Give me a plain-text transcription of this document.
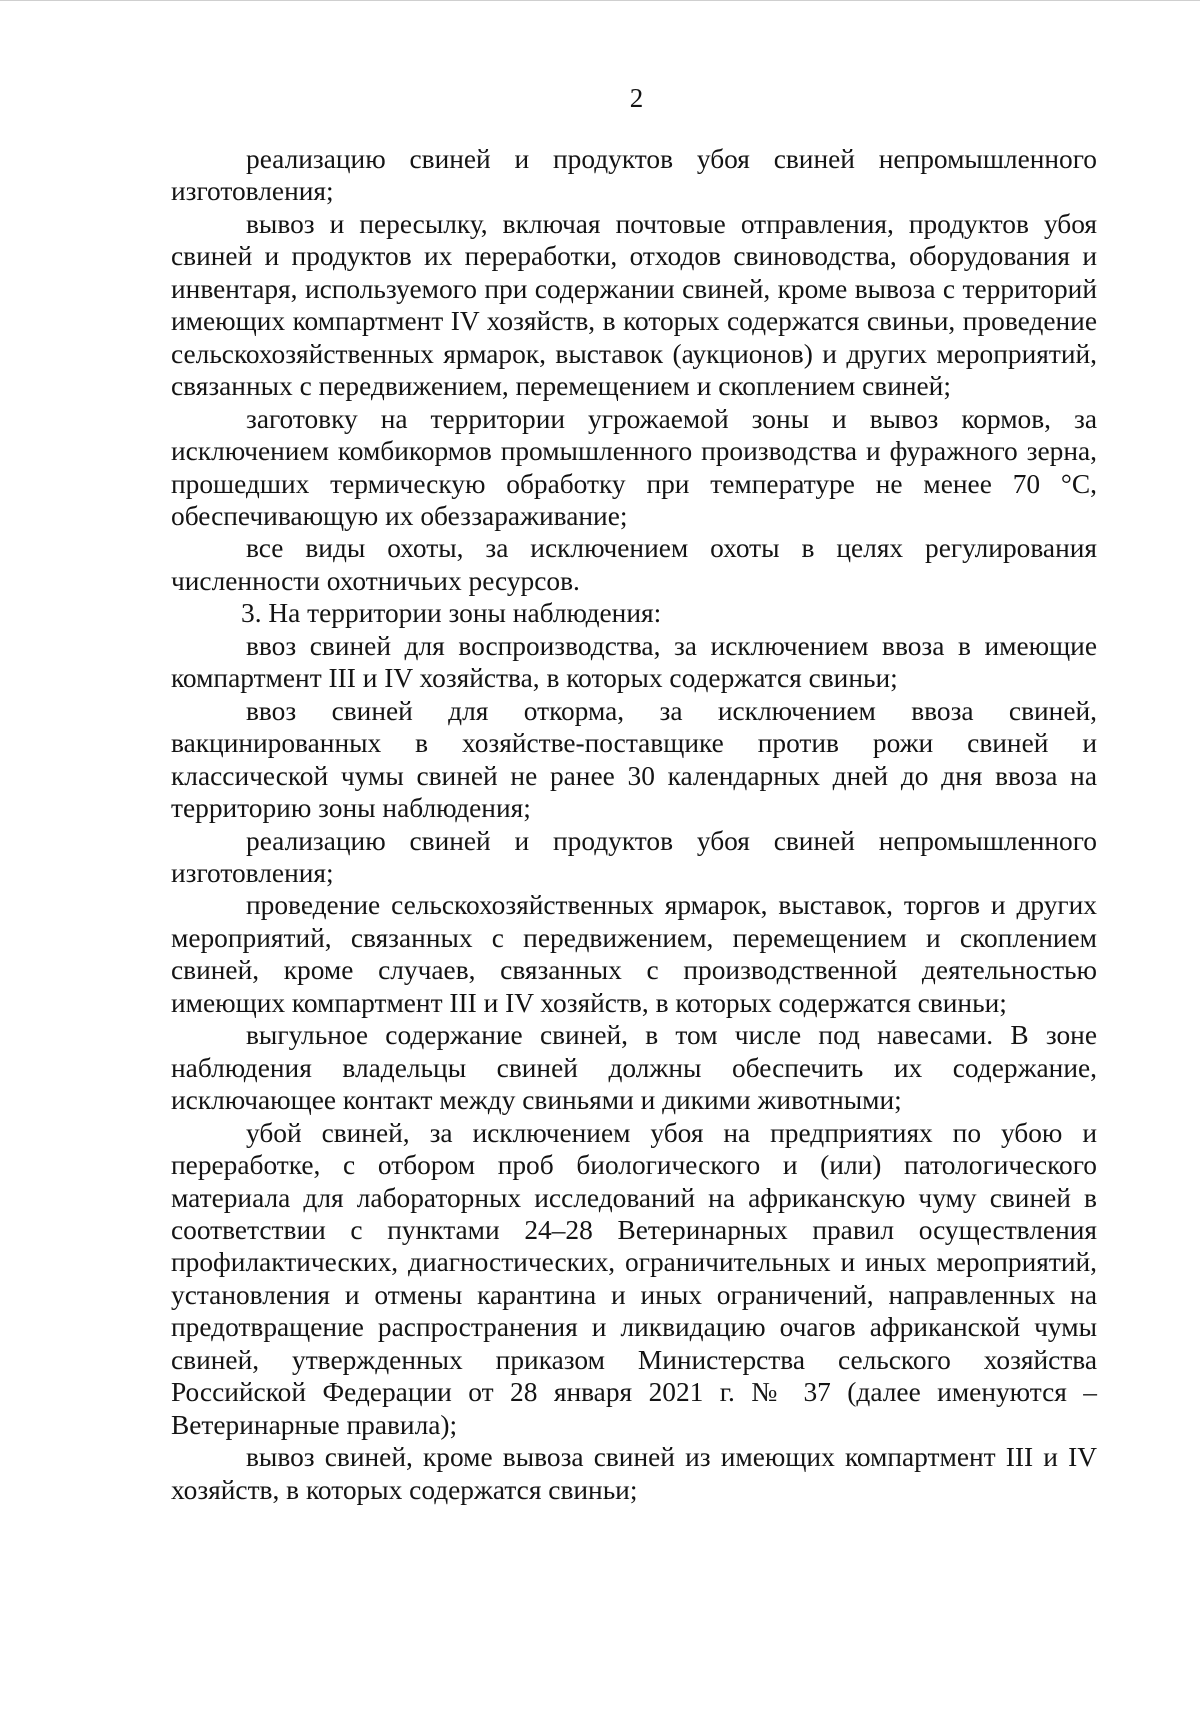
2

реализацию свиней и продуктов убоя свиней непромышленного изготовления;

вывоз и пересылку, включая почтовые отправления, продуктов убоя свиней и продуктов их переработки, отходов свиноводства, оборудования и инвентаря, используемого при содержании свиней, кроме вывоза с территорий имеющих компартмент IV хозяйств, в которых содержатся свиньи, проведение сельскохозяйственных ярмарок, выставок (аукционов) и других мероприятий, связанных с передвижением, перемещением и скоплением свиней;

заготовку на территории угрожаемой зоны и вывоз кормов, за исключением комбикормов промышленного производства и фуражного зерна, прошедших термическую обработку при температуре не менее 70 °С, обеспечивающую их обеззараживание;

все виды охоты, за исключением охоты в целях регулирования численности охотничьих ресурсов.

3. На территории зоны наблюдения:

ввоз свиней для воспроизводства, за исключением ввоза в имеющие компартмент III и IV хозяйства, в которых содержатся свиньи;

ввоз свиней для откорма, за исключением ввоза свиней, вакцинированных в хозяйстве-поставщике против рожи свиней и классической чумы свиней не ранее 30 календарных дней до дня ввоза на территорию зоны наблюдения;

реализацию свиней и продуктов убоя свиней непромышленного изготовления;

проведение сельскохозяйственных ярмарок, выставок, торгов и других мероприятий, связанных с передвижением, перемещением и скоплением свиней, кроме случаев, связанных с производственной деятельностью имеющих компартмент III и IV хозяйств, в которых содержатся свиньи;

выгульное содержание свиней, в том числе под навесами. В зоне наблюдения владельцы свиней должны обеспечить их содержание, исключающее контакт между свиньями и дикими животными;

убой свиней, за исключением убоя на предприятиях по убою и переработке, с отбором проб биологического и (или) патологического материала для лабораторных исследований на африканскую чуму свиней в соответствии с пунктами 24–28 Ветеринарных правил осуществления профилактических, диагностических, ограничительных и иных мероприятий, установления и отмены карантина и иных ограничений, направленных на предотвращение распространения и ликвидацию очагов африканской чумы свиней, утвержденных приказом Министерства сельского хозяйства Российской Федерации от 28 января 2021 г. № 37 (далее именуются – Ветеринарные правила);

вывоз свиней, кроме вывоза свиней из имеющих компартмент III и IV хозяйств, в которых содержатся свиньи;
